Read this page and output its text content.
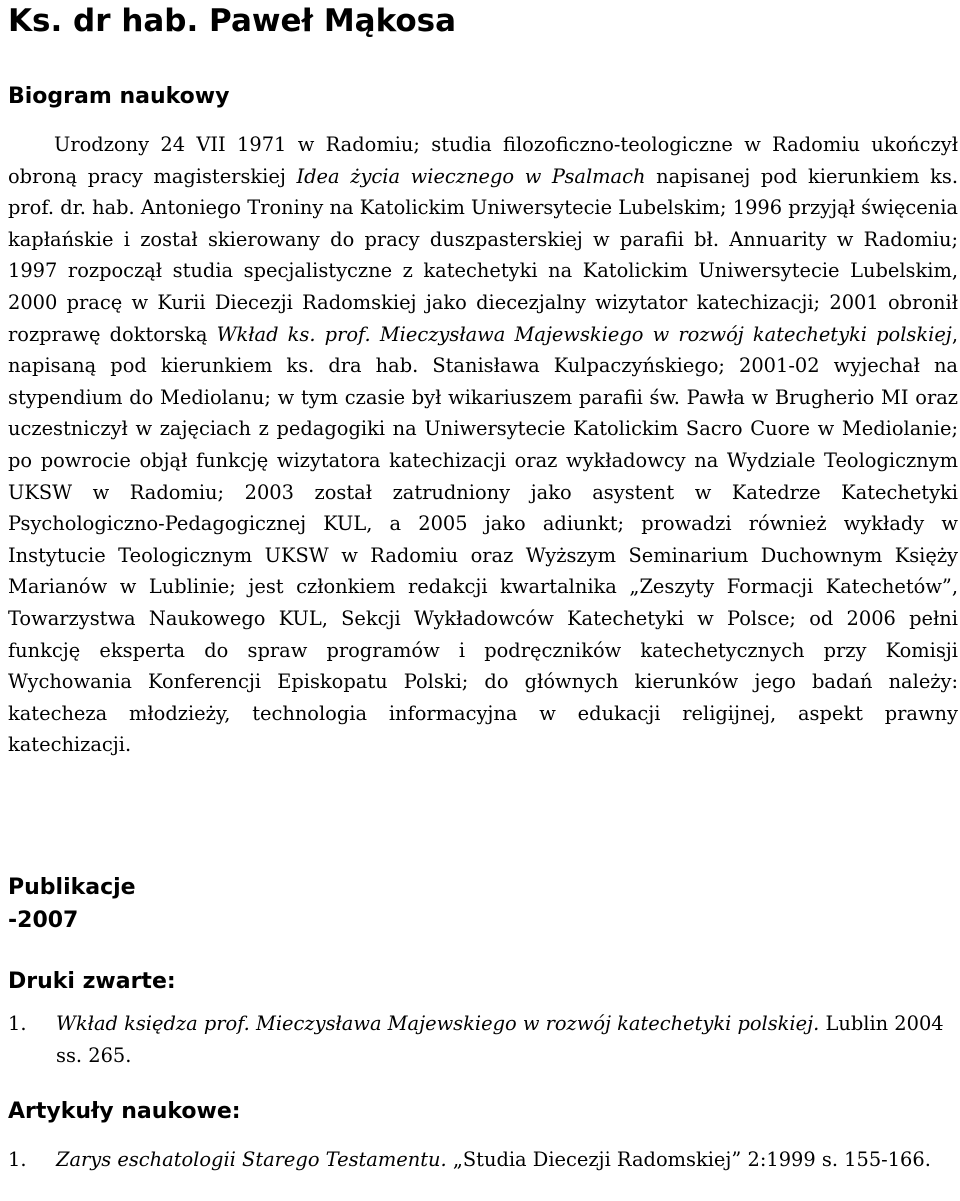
Ks. dr hab. Paweł Mąkosa
Biogram naukowy

Urodzony 24 VII 1971 w Radomiu; studia filozoficzno-teologiczne w Radomiu ukończył obroną pracy magisterskiej Idea życia wiecznego w Psalmach napisanej pod kierunkiem ks. prof. dr. hab. Antoniego Troniny na Katolickim Uniwersytecie Lubelskim; 1996 przyjął święcenia kapłańskie i został skierowany do pracy duszpasterskiej w parafii bł. Annuarity w Radomiu; 1997 rozpoczął studia specjalistyczne z katechetyki na Katolickim Uniwersytecie Lubelskim, 2000 pracę w Kurii Diecezji Radomskiej jako diecezjalny wizytator katechizacji; 2001 obronił rozprawę doktorską Wkład ks. prof. Mieczysława Majewskiego w rozwój katechetyki polskiej, napisaną pod kierunkiem ks. dra hab. Stanisława Kulpaczyńskiego; 2001-02 wyjechał na stypendium do Mediolanu; w tym czasie był wikariuszem parafii św. Pawła w Brugherio MI oraz uczestniczył w zajęciach z pedagogiki na Uniwersytecie Katolickim Sacro Cuore w Mediolanie; po powrocie objął funkcję wizytatora katechizacji oraz wykładowcy na Wydziale Teologicznym UKSW w Radomiu; 2003 został zatrudniony jako asystent w Katedrze Katechetyki Psychologiczno-Pedagogicznej KUL, a 2005 jako adiunkt; prowadzi również wykłady w Instytucie Teologicznym UKSW w Radomiu oraz Wyższym Seminarium Duchownym Księży Marianów w Lublinie; jest członkiem redakcji kwartalnika „Zeszyty Formacji Katechetów”, Towarzystwa Naukowego KUL, Sekcji Wykładowców Katechetyki w Polsce; od 2006 pełni funkcję eksperta do spraw programów i podręczników katechetycznych przy Komisji Wychowania Konferencji Episkopatu Polski; do głównych kierunków jego badań należy: katecheza młodzieży, technologia informacyjna w edukacji religijnej, aspekt prawny katechizacji.

Publikacje
-2007
Druki zwarte:

1. Wkład księdza prof. Mieczysława Majewskiego w rozwój katechetyki polskiej. Lublin 2004 ss. 265.

Artykuły naukowe:

1. Zarys eschatologii Starego Testamentu. „Studia Diecezji Radomskiej” 2:1999 s. 155-166.
